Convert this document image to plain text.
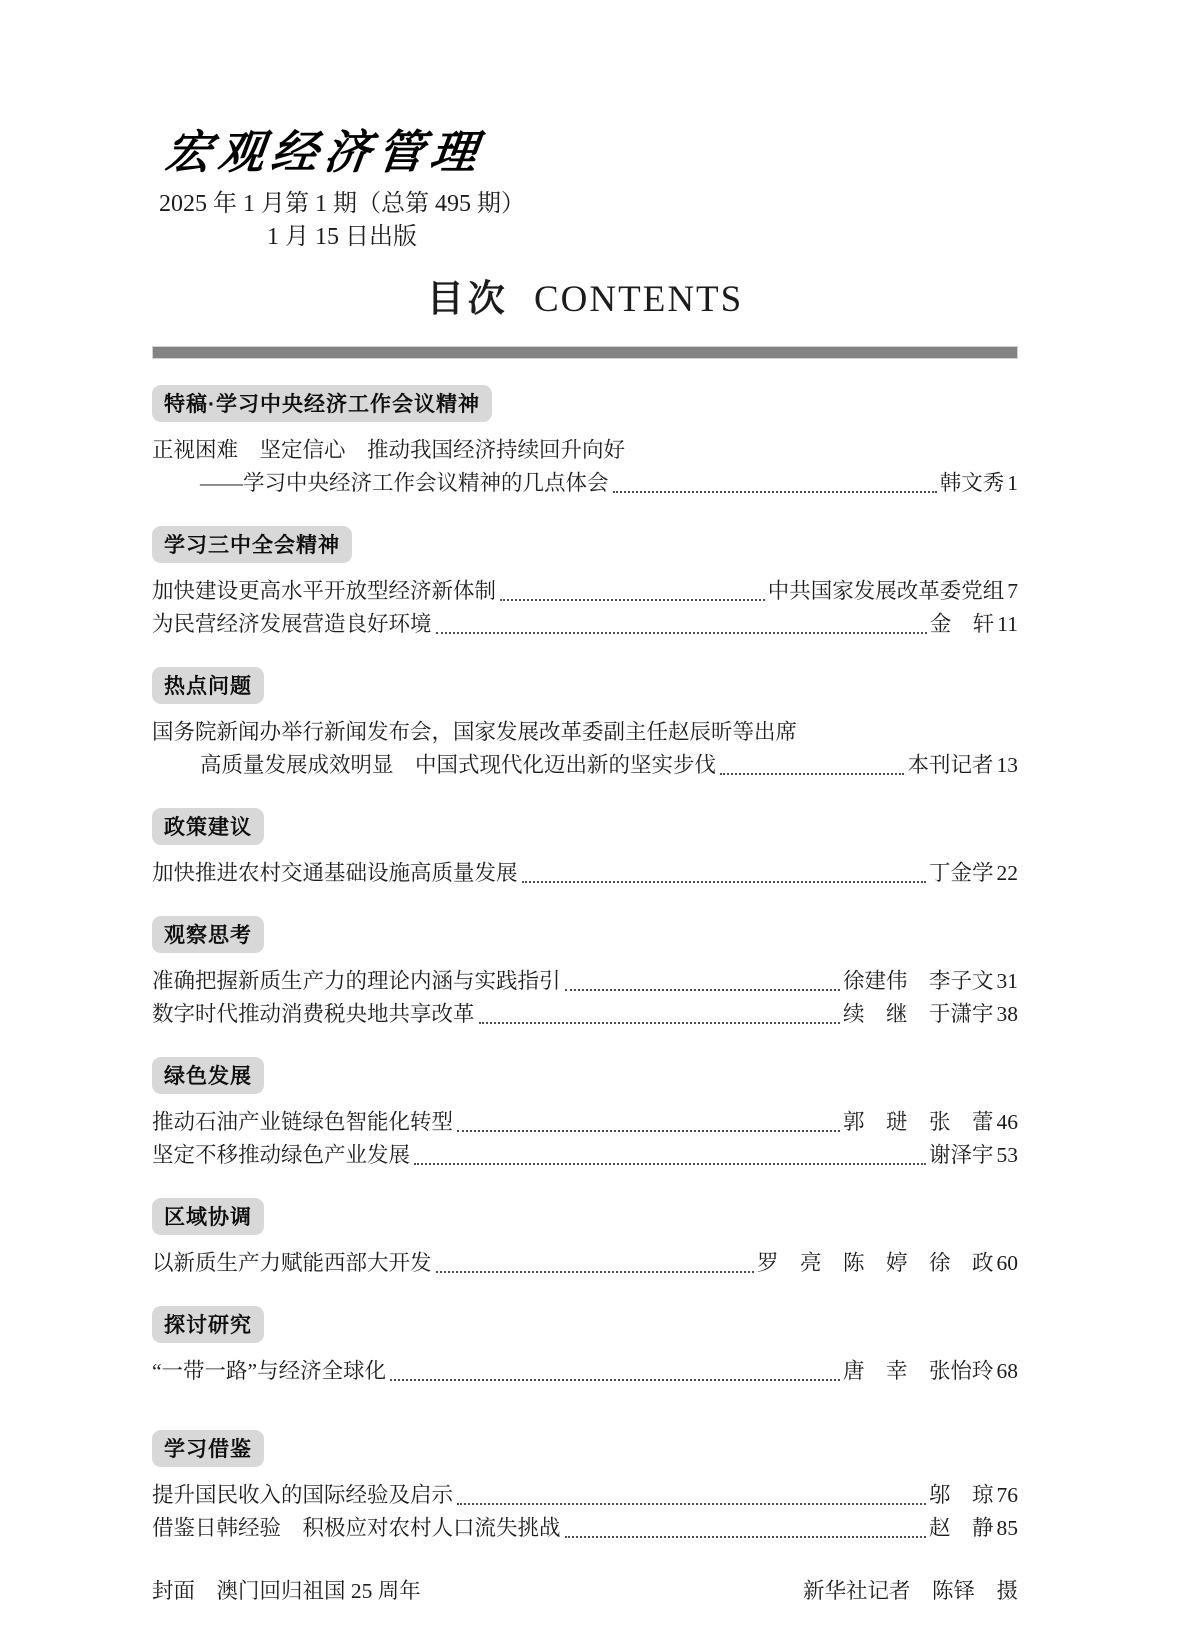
宏观经济管理
2025 年 1 月第 1 期（总第 495 期）
1 月 15 日出版
目次 CONTENTS
特稿·学习中央经济工作会议精神
正视困难　坚定信心　推动我国经济持续回升向好
——学习中央经济工作会议精神的几点体会	韩文秀 1
学习三中全会精神
加快建设更高水平开放型经济新体制	中共国家发展改革委党组 7
为民营经济发展营造良好环境	金　轩 11
热点问题
国务院新闻办举行新闻发布会，国家发展改革委副主任赵辰昕等出席
高质量发展成效明显　中国式现代化迈出新的坚实步伐	本刊记者 13
政策建议
加快推进农村交通基础设施高质量发展	丁金学 22
观察思考
准确把握新质生产力的理论内涵与实践指引	徐建伟　李子文 31
数字时代推动消费税央地共享改革	续　继　于潇宇 38
绿色发展
推动石油产业链绿色智能化转型	郭　琎　张　蕾 46
坚定不移推动绿色产业发展	谢泽宇 53
区域协调
以新质生产力赋能西部大开发	罗　亮　陈　婷　徐　政 60
探讨研究
“一带一路”与经济全球化	唐　幸　张怡玲 68
学习借鉴
提升国民收入的国际经验及启示	邬　琼 76
借鉴日韩经验　积极应对农村人口流失挑战	赵　静 85
封面　澳门回归祖国 25 周年	新华社记者　陈铎　摄
